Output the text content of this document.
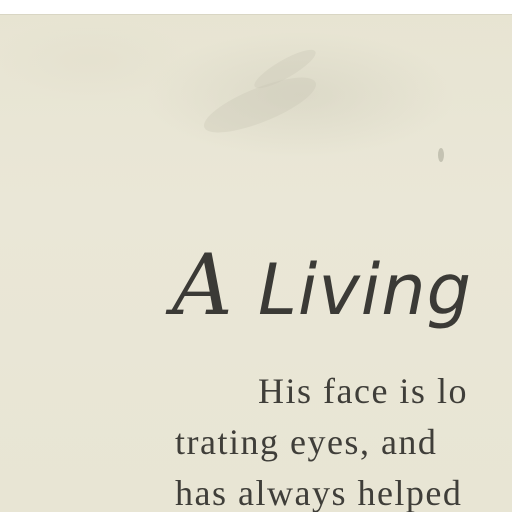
A Living
His face is lo
trating eyes, and
has always helped
